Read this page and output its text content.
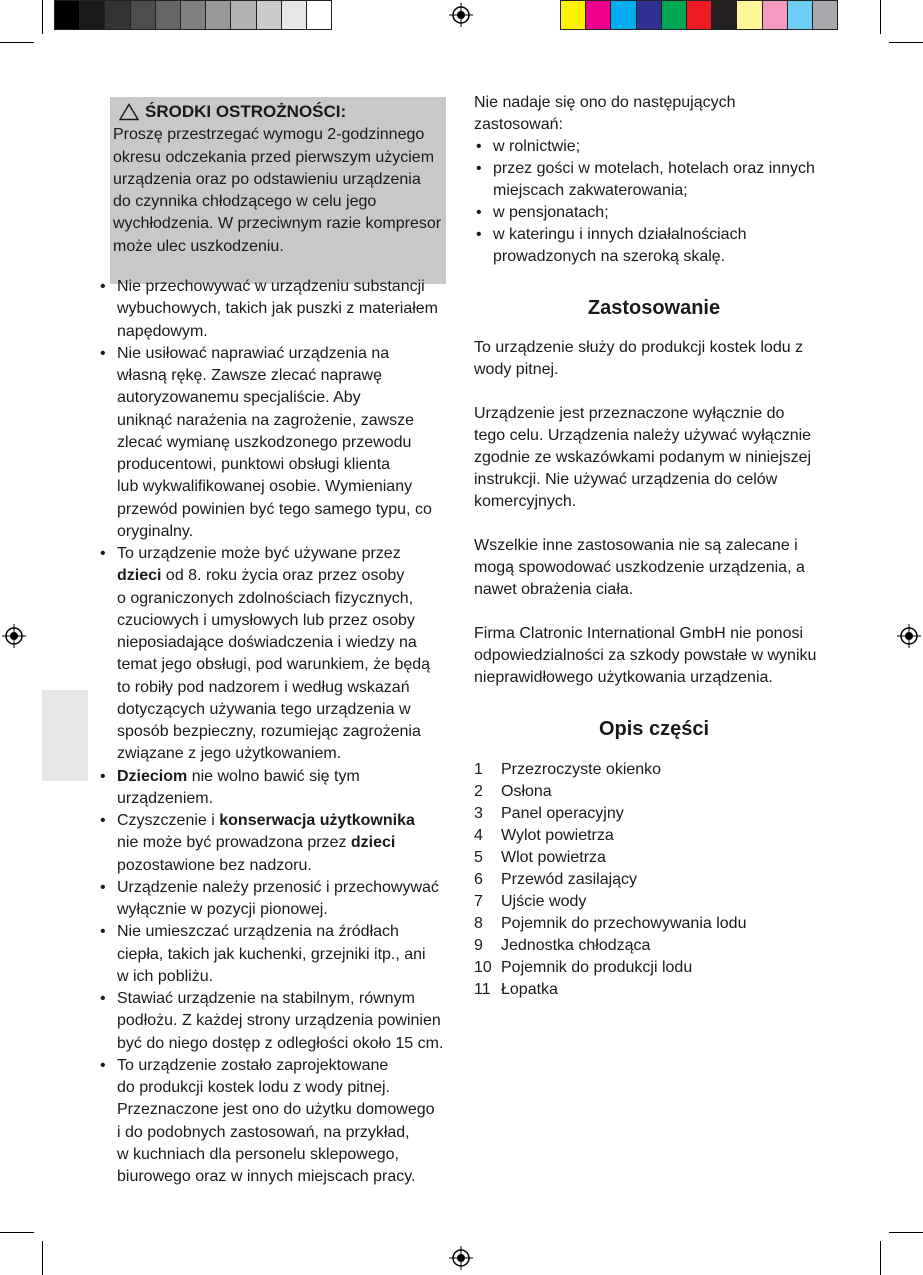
ŚRODKI OSTROŻNOŚCI:
Proszę przestrzegać wymogu 2-godzinnego
okresu odczekania przed pierwszym użyciem
urządzenia oraz po odstawieniu urządzenia
do czynnika chłodzącego w celu jego
wychłodzenia. W przeciwnym razie kompresor
może ulec uszkodzeniu.
• Nie przechowywać w urządzeniu substancji
wybuchowych, takich jak puszki z materiałem
napędowym.
• Nie usiłować naprawiać urządzenia na
własną rękę. Zawsze zlecać naprawę
autoryzowanemu specjaliście. Aby
uniknąć narażenia na zagrożenie, zawsze
zlecać wymianę uszkodzonego przewodu
producentowi, punktowi obsługi klienta
lub wykwalifikowanej osobie. Wymieniany
przewód powinien być tego samego typu, co
oryginalny.
• To urządzenie może być używane przez
dzieci od 8. roku życia oraz przez osoby
o ograniczonych zdolnościach fizycznych,
czuciowych i umysłowych lub przez osoby
nieposiadające doświadczenia i wiedzy na
temat jego obsługi, pod warunkiem, że będą
to robiły pod nadzorem i według wskazań
dotyczących używania tego urządzenia w
sposób bezpieczny, rozumiejąc zagrożenia
związane z jego użytkowaniem.
• Dzieciom nie wolno bawić się tym
urządzeniem.
• Czyszczenie i konserwacja użytkownika
nie może być prowadzona przez dzieci
pozostawione bez nadzoru.
• Urządzenie należy przenosić i przechowywać
wyłącznie w pozycji pionowej.
• Nie umieszczać urządzenia na źródłach
ciepła, takich jak kuchenki, grzejniki itp., ani
w ich pobliżu.
• Stawiać urządzenie na stabilnym, równym
podłożu. Z każdej strony urządzenia powinien
być do niego dostęp z odległości około 15 cm.
• To urządzenie zostało zaprojektowane
do produkcji kostek lodu z wody pitnej.
Przeznaczone jest ono do użytku domowego
i do podobnych zastosowań, na przykład,
w kuchniach dla personelu sklepowego,
biurowego oraz w innych miejscach pracy.

Nie nadaje się ono do następujących
zastosowań:

• w rolnictwie;
• przez gości w motelach, hotelach oraz innych
miejscach zakwaterowania;
• w pensjonatach;
• w kateringu i innych działalnościach
prowadzonych na szeroką skalę.
Zastosowanie

To urządzenie służy do produkcji kostek lodu z
wody pitnej.

Urządzenie jest przeznaczone wyłącznie do
tego celu. Urządzenia należy używać wyłącznie
zgodnie ze wskazówkami podanym w niniejszej
instrukcji. Nie używać urządzenia do celów
komercyjnych.

Wszelkie inne zastosowania nie są zalecane i
mogą spowodować uszkodzenie urządzenia, a
nawet obrażenia ciała.

Firma Clatronic International GmbH nie ponosi
odpowiedzialności za szkody powstałe w wyniku
nieprawidłowego użytkowania urządzenia.

Opis części
1	Przezroczyste okienko
2	Osłona
3	Panel operacyjny
4	Wylot powietrza
5	Wlot powietrza
6	Przewód zasilający
7	Ujście wody
8	Pojemnik do przechowywania lodu
9	Jednostka chłodząca
10 Pojemnik do produkcji lodu
11 Łopatka
